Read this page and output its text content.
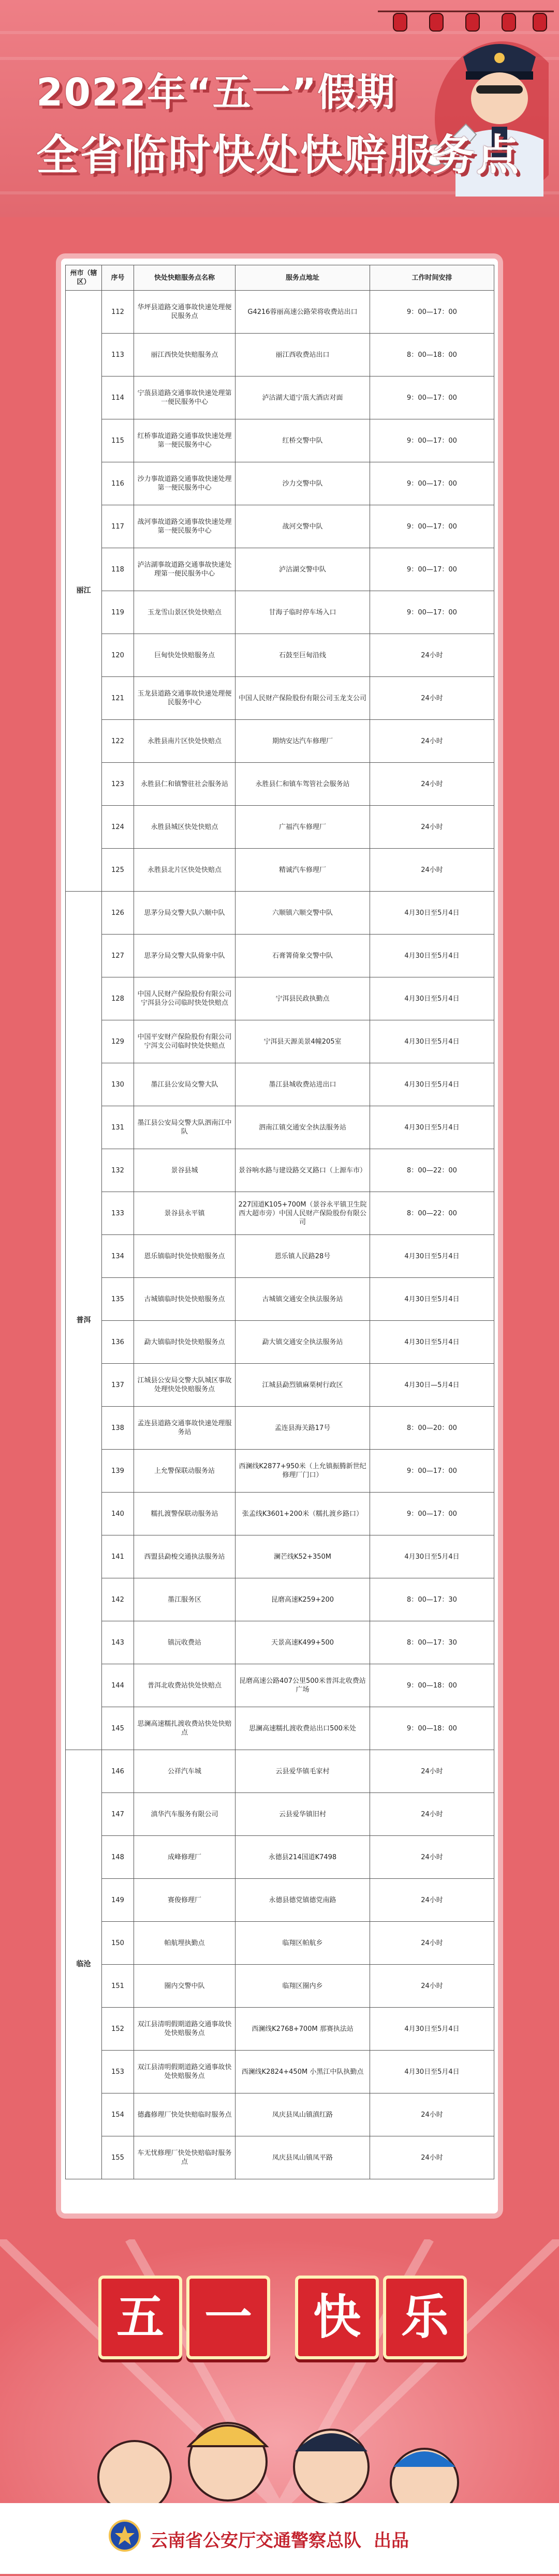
2022年“五一”假期
全省临时快处快赔服务点
州市（辖区）	序号	快处快赔服务点名称	服务点地址	工作时间安排
丽江	112	华坪县道路交通事故快速处理便民服务点	G4216蓉丽高速公路荣将收费站出口	9：00—17：00
	113	丽江西快处快赔服务点	丽江西收费站出口	8：00—18：00
	114	宁蒗县道路交通事故快速处理第一便民服务中心	泸沽湖大道宁蒗大酒店对面	9：00—17：00
	115	红桥事故道路交通事故快速处理第一便民服务中心	红桥交警中队	9：00—17：00
	116	沙力事故道路交通事故快速处理第一便民服务中心	沙力交警中队	9：00—17：00
	117	战河事故道路交通事故快速处理第一便民服务中心	战河交警中队	9：00—17：00
	118	泸沽湖事故道路交通事故快速处理第一便民服务中心	泸沽湖交警中队	9：00—17：00
	119	玉龙雪山景区快处快赔点	甘海子临时停车场入口	9：00—17：00
	120	巨甸快处快赔服务点	石鼓至巨甸沿线	24小时
	121	玉龙县道路交通事故快速处理便民服务中心	中国人民财产保险股份有限公司玉龙支公司	24小时
	122	永胜县南片区快处快赔点	期纳安达汽车修理厂	24小时
	123	永胜县仁和镇警驻社会服务站	永胜县仁和镇车驾管社会服务站	24小时
	124	永胜县城区快处快赔点	广福汽车修理厂	24小时
	125	永胜县北片区快处快赔点	精诚汽车修理厂	24小时
普洱	126	思茅分局交警大队六顺中队	六顺镇六顺交警中队	4月30日至5月4日
	127	思茅分局交警大队倚象中队	石膏箐倚象交警中队	4月30日至5月4日
	128	中国人民财产保险股份有限公司宁洱县分公司临时快处快赔点	宁洱县民政执勤点	4月30日至5月4日
	129	中国平安财产保险股份有限公司宁洱支公司临时快处快赔点	宁洱县天源美景4幢205室	4月30日至5月4日
	130	墨江县公安局交警大队	墨江县城收费站进出口	4月30日至5月4日
	131	墨江县公安局交警大队泗南江中队	泗南江镇交通安全执法服务站	4月30日至5月4日
	132	景谷县城	景谷响水路与建设路交叉路口（上源车市）	8：00—22：00
	133	景谷县永平镇	227国道K105+700M（景谷永平镇卫生院西大超市旁）中国人民财产保险股份有限公司	8：00—22：00
	134	恩乐镇临时快处快赔服务点	恩乐镇人民路28号	4月30日至5月4日
	135	古城镇临时快处快赔服务点	古城镇交通安全执法服务站	4月30日至5月4日
	136	勐大镇临时快处快赔服务点	勐大镇交通安全执法服务站	4月30日至5月4日
	137	江城县公安局交警大队城区事故处理快处快赔服务点	江城县勐烈镇麻栗树行政区	4月30日—5月4日
	138	孟连县道路交通事故快速处理服务站	孟连县海关路17号	8：00—20：00
	139	上允警保联动服务站	西澜线K2877+950米（上允镇振腾新世纪修理厂门口）	9：00—17：00
	140	糯扎渡警保联动服务站	张孟线K3601+200米（糯扎渡乡路口）	9：00—17：00
	141	西盟县勐梭交通执法服务站	澜芒线K52+350M	4月30日至5月4日
	142	墨江服务区	昆磨高速K259+200	8：00—17：30
	143	镇沅收费站	天景高速K499+500	8：00—17：30
	144	普洱北收费站快处快赔点	昆磨高速公路407公里500米普洱北收费站广场	9：00—18：00
	145	思澜高速糯扎渡收费站快处快赔点	思澜高速糯扎渡收费站出口500米处	9：00—18：00
临沧	146	公祥汽车城	云县爱华镇毛家村	24小时
	147	滇华汽车服务有限公司	云县爱华镇旧村	24小时
	148	成峰修理厂	永德县214国道K7498	24小时
	149	赛俊修理厂	永德县德党镇德党南路	24小时
	150	帕航埋执勤点	临翔区帕航乡	24小时
	151	圈内交警中队	临翔区圈内乡	24小时
	152	双江县清明假期道路交通事故快处快赔服务点	西澜线K2768+700M 那赛执法站	4月30日至5月4日
	153	双江县清明假期道路交通事故快处快赔服务点	西澜线K2824+450M 小黑江中队执勤点	4月30日至5月4日
	154	德鑫修理厂快处快赔临时服务点	凤庆县凤山镇滇红路	24小时
	155	车无忧修理厂快处快赔临时服务点	凤庆县凤山镇凤平路	24小时
五 一	快 乐
云南省公安厅交通警察总队 出品
